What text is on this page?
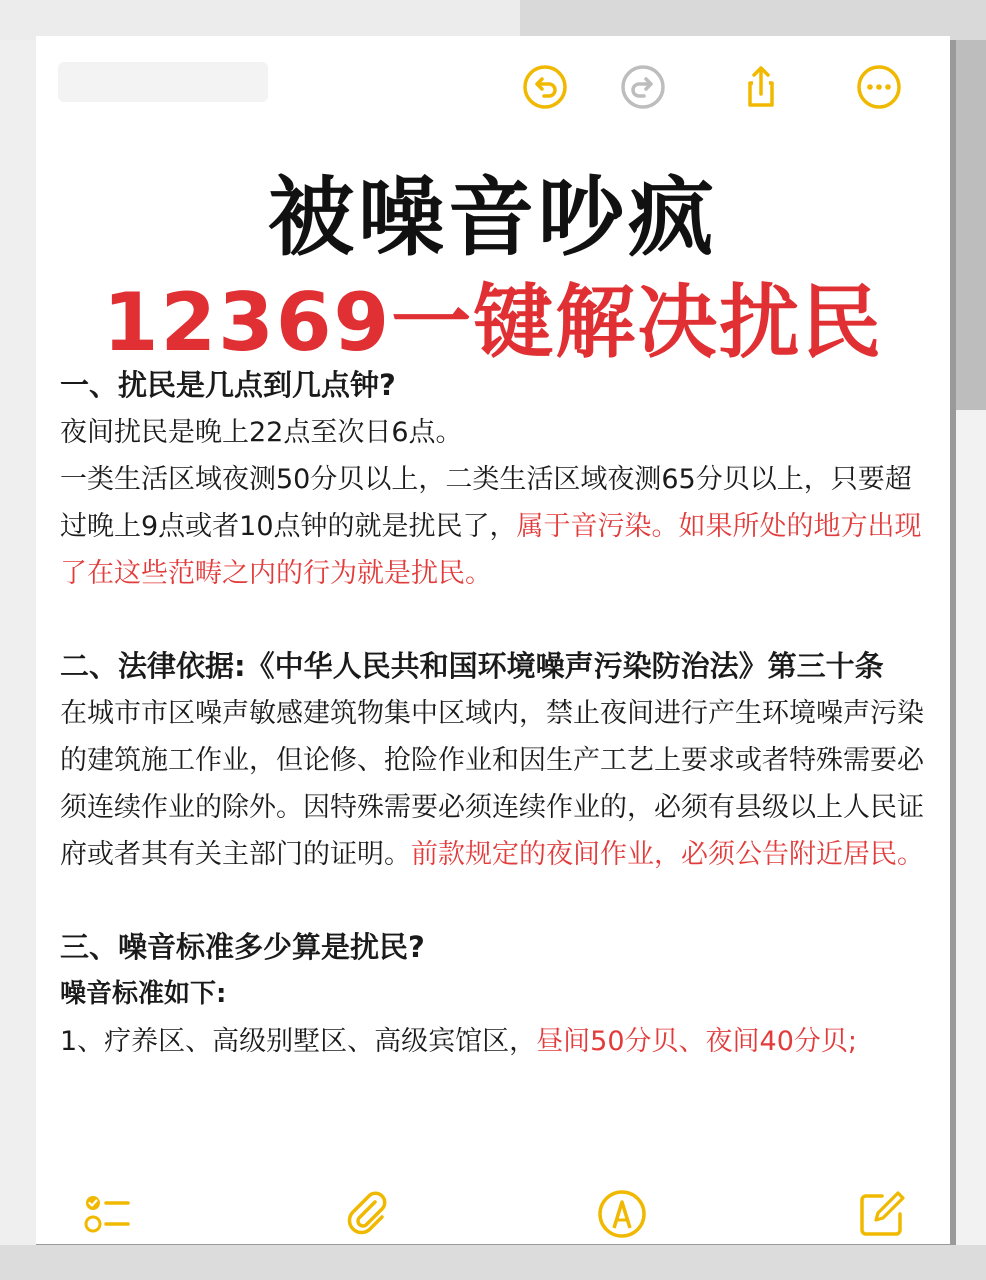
被噪音吵疯
12369一键解决扰民
一、扰民是几点到几点钟?

夜间扰民是晚上22点至次日6点。

一类生活区域夜测50分贝以上，二类生活区域夜测65分贝以上，只要超过晚上9点或者10点钟的就是扰民了，属于音污染。如果所处的地方出现了在这些范畴之内的行为就是扰民。

二、法律依据:《中华人民共和国环境噪声污染防治法》第三十条

在城市市区噪声敏感建筑物集中区域内，禁止夜间进行产生环境噪声污染的建筑施工作业，但论修、抢险作业和因生产工艺上要求或者特殊需要必须连续作业的除外。因特殊需要必须连续作业的，必须有县级以上人民证府或者其有关主部门的证明。前款规定的夜间作业，必须公告附近居民。

三、噪音标准多少算是扰民?
噪音标准如下:

1、疗养区、高级别墅区、高级宾馆区，昼间50分贝、夜间40分贝;
